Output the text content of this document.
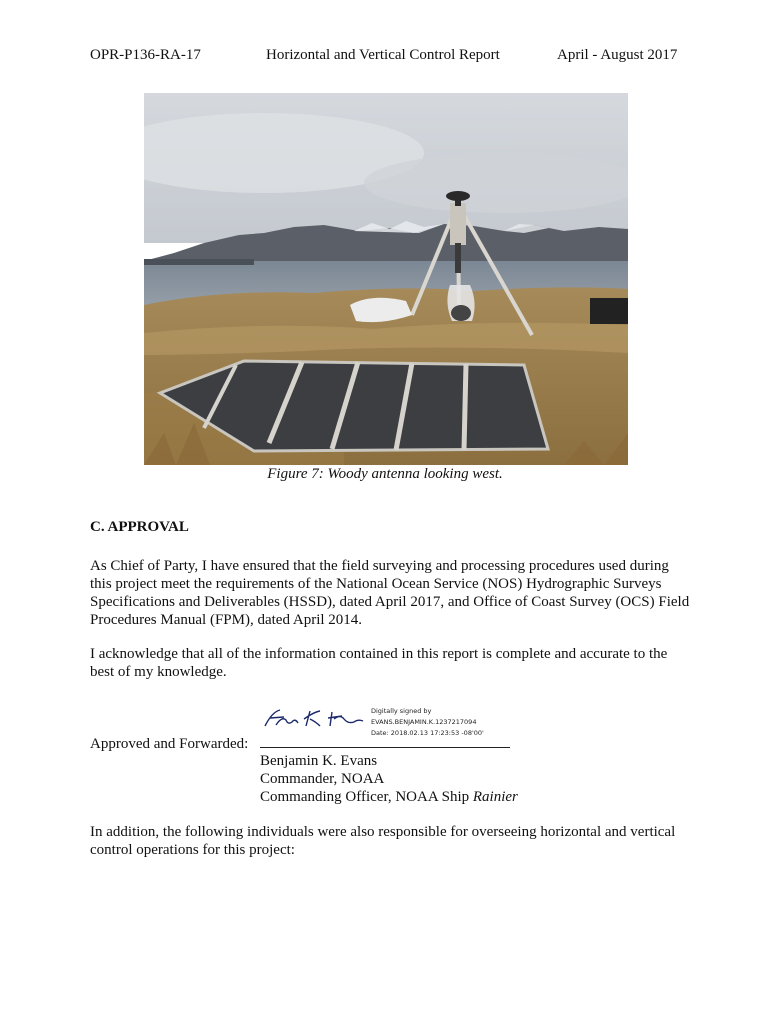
OPR-P136-RA-17	Horizontal and Vertical Control Report	April - August 2017
Figure 7: Woody antenna looking west.
C. APPROVAL

As Chief of Party, I have ensured that the field surveying and processing procedures used during this project meet the requirements of the National Ocean Service (NOS) Hydrographic Surveys Specifications and Deliverables (HSSD), dated April 2017, and Office of Coast Survey (OCS) Field Procedures Manual (FPM), dated April 2014.

I acknowledge that all of the information contained in this report is complete and accurate to the best of my knowledge.

Digitally signed by
EVANS.BENJAMIN.K.1237217094
Date: 2018.02.13 17:23:53 -08'00'
Approved and Forwarded:
Benjamin K. Evans
Commander, NOAA
Commanding Officer, NOAA Ship Rainier

In addition, the following individuals were also responsible for overseeing horizontal and vertical control operations for this project:
